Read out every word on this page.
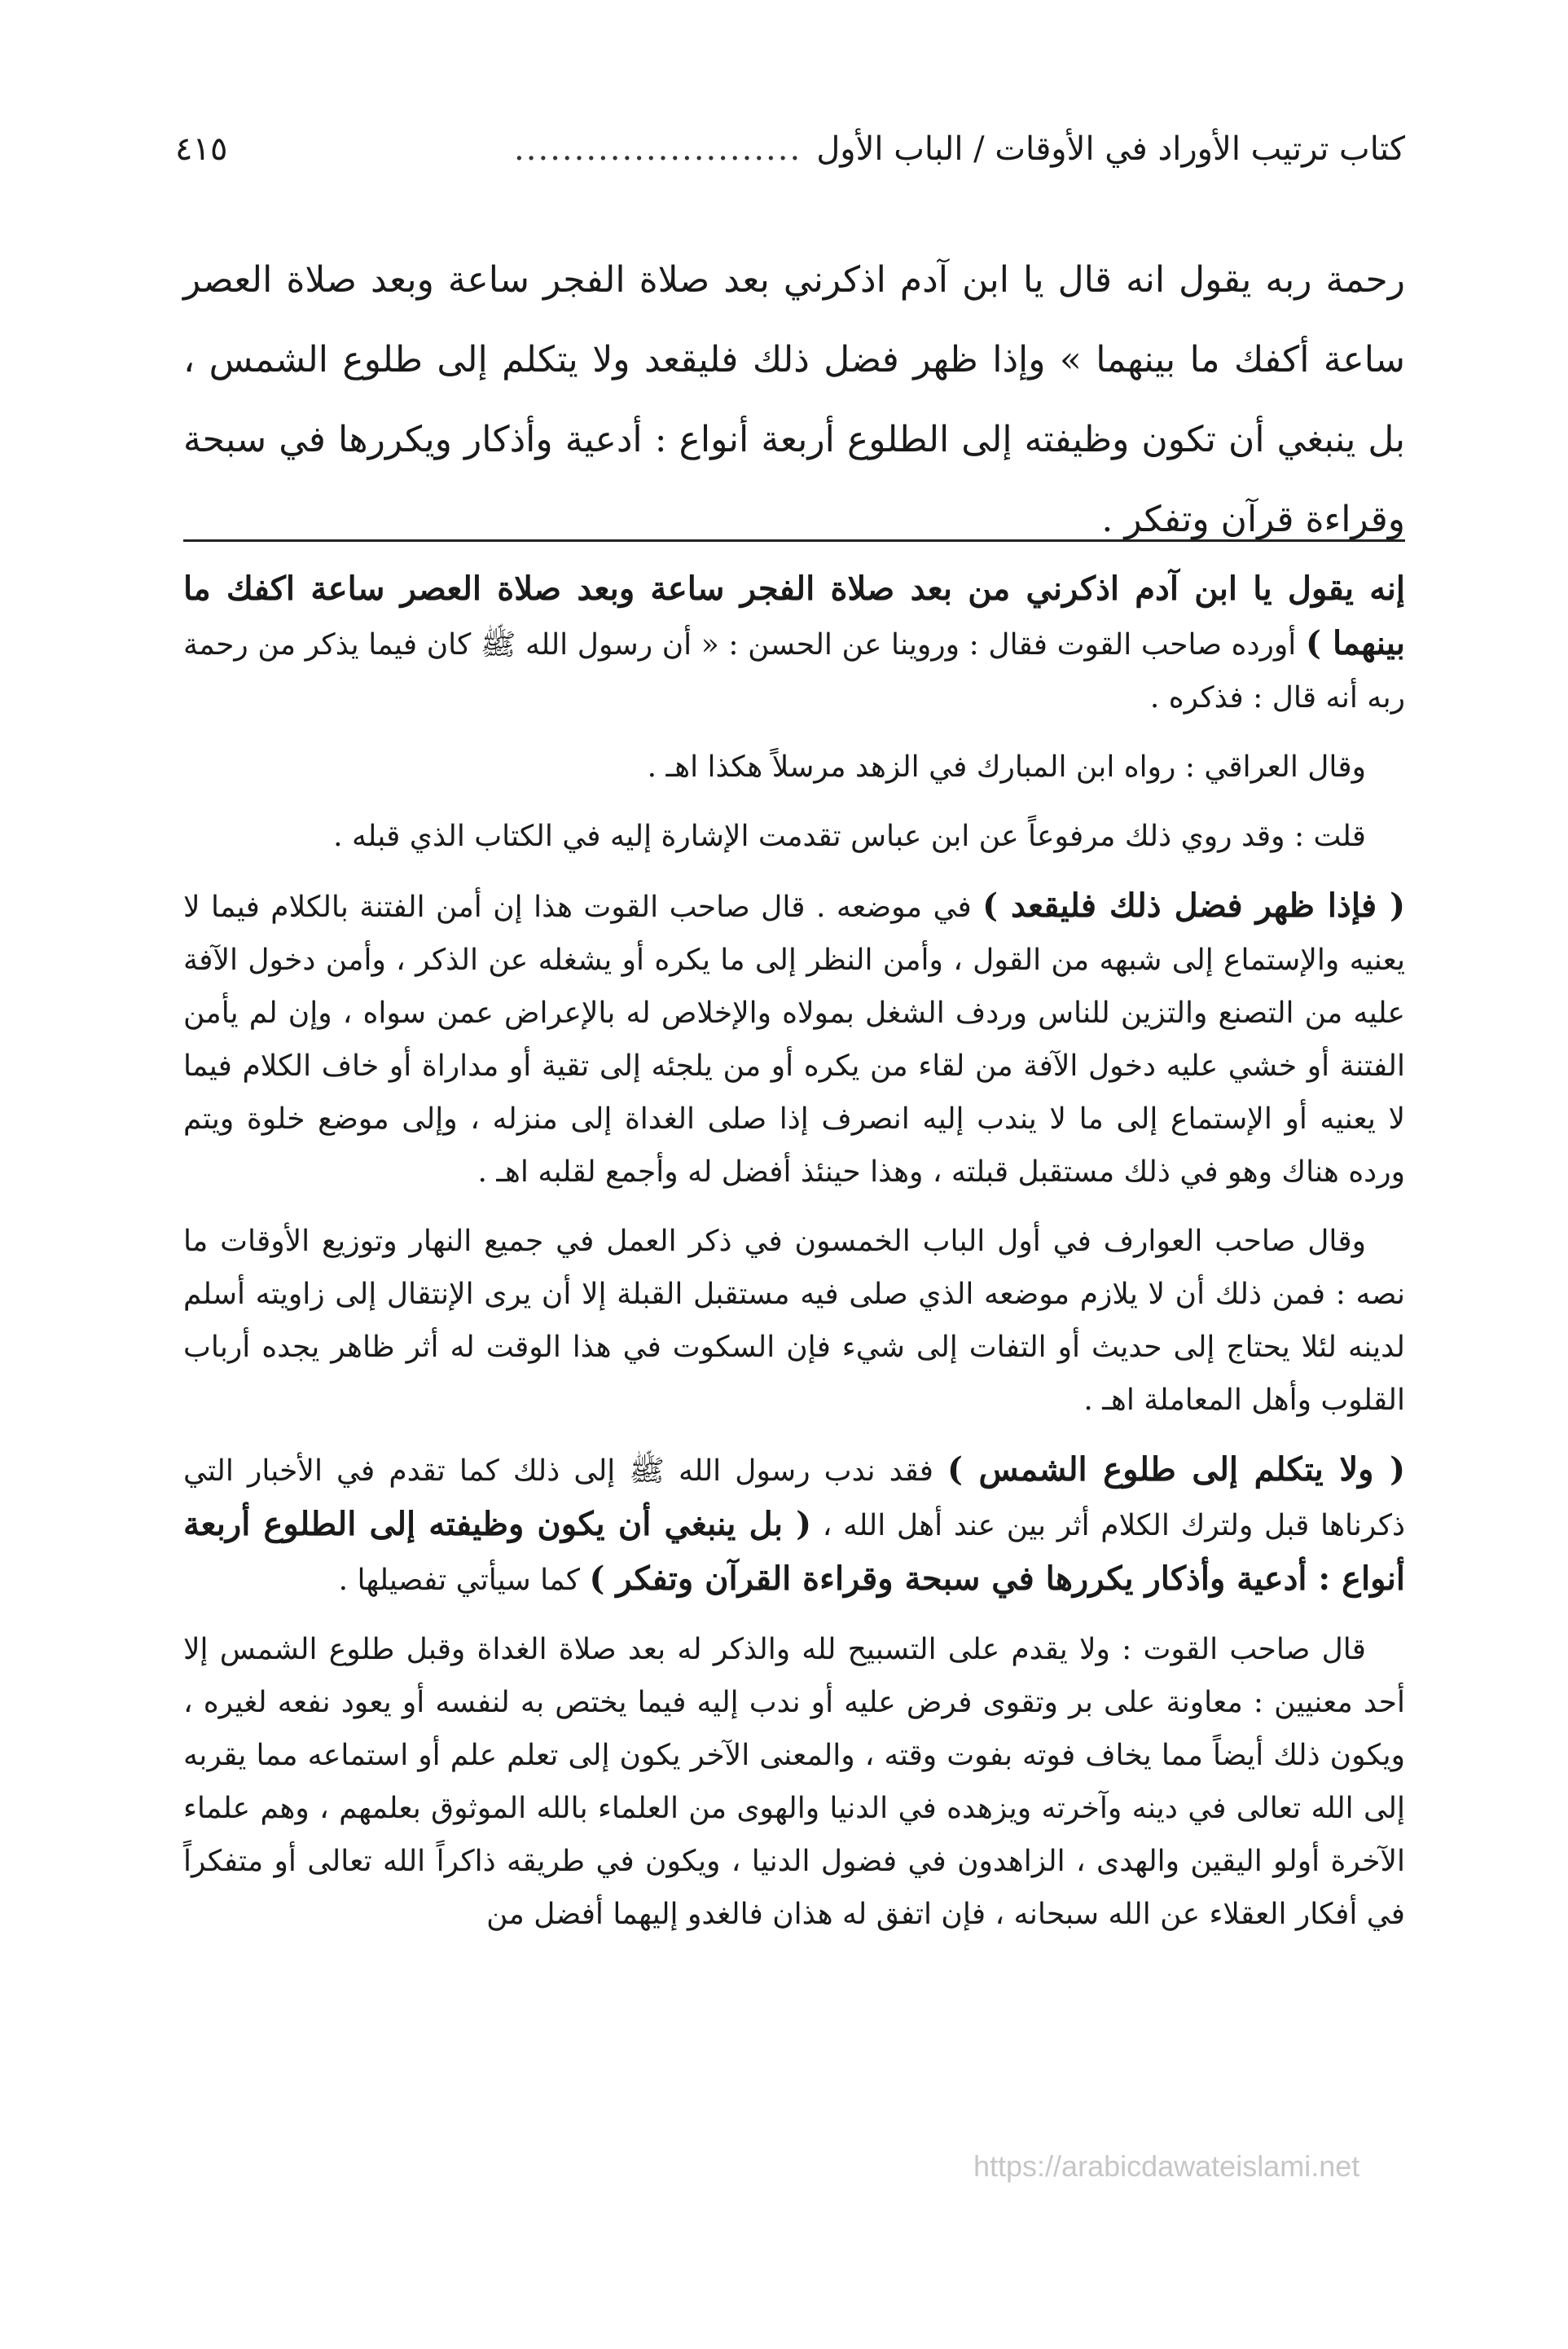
كتاب ترتيب الأوراد في الأوقات / الباب الأول
........................
٤١٥

رحمة ربه يقول انه قال يا ابن آدم اذكرني بعد صلاة الفجر ساعة وبعد صلاة العصر ساعة أكفك ما بينهما » وإذا ظهر فضل ذلك فليقعد ولا يتكلم إلى طلوع الشمس ، بل ينبغي أن تكون وظيفته إلى الطلوع أربعة أنواع : أدعية وأذكار ويكررها في سبحة وقراءة قرآن وتفكر .

إنه يقول يا ابن آدم اذكرني من بعد صلاة الفجر ساعة وبعد صلاة العصر ساعة اكفك ما بينهما ) أورده صاحب القوت فقال : وروينا عن الحسن : « أن رسول الله ﷺ كان فيما يذكر من رحمة ربه أنه قال : فذكره .

وقال العراقي : رواه ابن المبارك في الزهد مرسلاً هكذا اهـ .

قلت : وقد روي ذلك مرفوعاً عن ابن عباس تقدمت الإشارة إليه في الكتاب الذي قبله .

( فإذا ظهر فضل ذلك فليقعد ) في موضعه . قال صاحب القوت هذا إن أمن الفتنة بالكلام فيما لا يعنيه والإستماع إلى شبهه من القول ، وأمن النظر إلى ما يكره أو يشغله عن الذكر ، وأمن دخول الآفة عليه من التصنع والتزين للناس وردف الشغل بمولاه والإخلاص له بالإعراض عمن سواه ، وإن لم يأمن الفتنة أو خشي عليه دخول الآفة من لقاء من يكره أو من يلجئه إلى تقية أو مداراة أو خاف الكلام فيما لا يعنيه أو الإستماع إلى ما لا يندب إليه انصرف إذا صلى الغداة إلى منزله ، وإلى موضع خلوة ويتم ورده هناك وهو في ذلك مستقبل قبلته ، وهذا حينئذ أفضل له وأجمع لقلبه اهـ .

وقال صاحب العوارف في أول الباب الخمسون في ذكر العمل في جميع النهار وتوزيع الأوقات ما نصه : فمن ذلك أن لا يلازم موضعه الذي صلى فيه مستقبل القبلة إلا أن يرى الإنتقال إلى زاويته أسلم لدينه لئلا يحتاج إلى حديث أو التفات إلى شيء فإن السكوت في هذا الوقت له أثر ظاهر يجده أرباب القلوب وأهل المعاملة اهـ .

( ولا يتكلم إلى طلوع الشمس ) فقد ندب رسول الله ﷺ إلى ذلك كما تقدم في الأخبار التي ذكرناها قبل ولترك الكلام أثر بين عند أهل الله ، ( بل ينبغي أن يكون وظيفته إلى الطلوع أربعة أنواع : أدعية وأذكار يكررها في سبحة وقراءة القرآن وتفكر ) كما سيأتي تفصيلها .

قال صاحب القوت : ولا يقدم على التسبيح لله والذكر له بعد صلاة الغداة وقبل طلوع الشمس إلا أحد معنيين : معاونة على بر وتقوى فرض عليه أو ندب إليه فيما يختص به لنفسه أو يعود نفعه لغيره ، ويكون ذلك أيضاً مما يخاف فوته بفوت وقته ، والمعنى الآخر يكون إلى تعلم علم أو استماعه مما يقربه إلى الله تعالى في دينه وآخرته ويزهده في الدنيا والهوى من العلماء بالله الموثوق بعلمهم ، وهم علماء الآخرة أولو اليقين والهدى ، الزاهدون في فضول الدنيا ، ويكون في طريقه ذاكراً الله تعالى أو متفكراً في أفكار العقلاء عن الله سبحانه ، فإن اتفق له هذان فالغدو إليهما أفضل من

https://arabicdawateislami.net
